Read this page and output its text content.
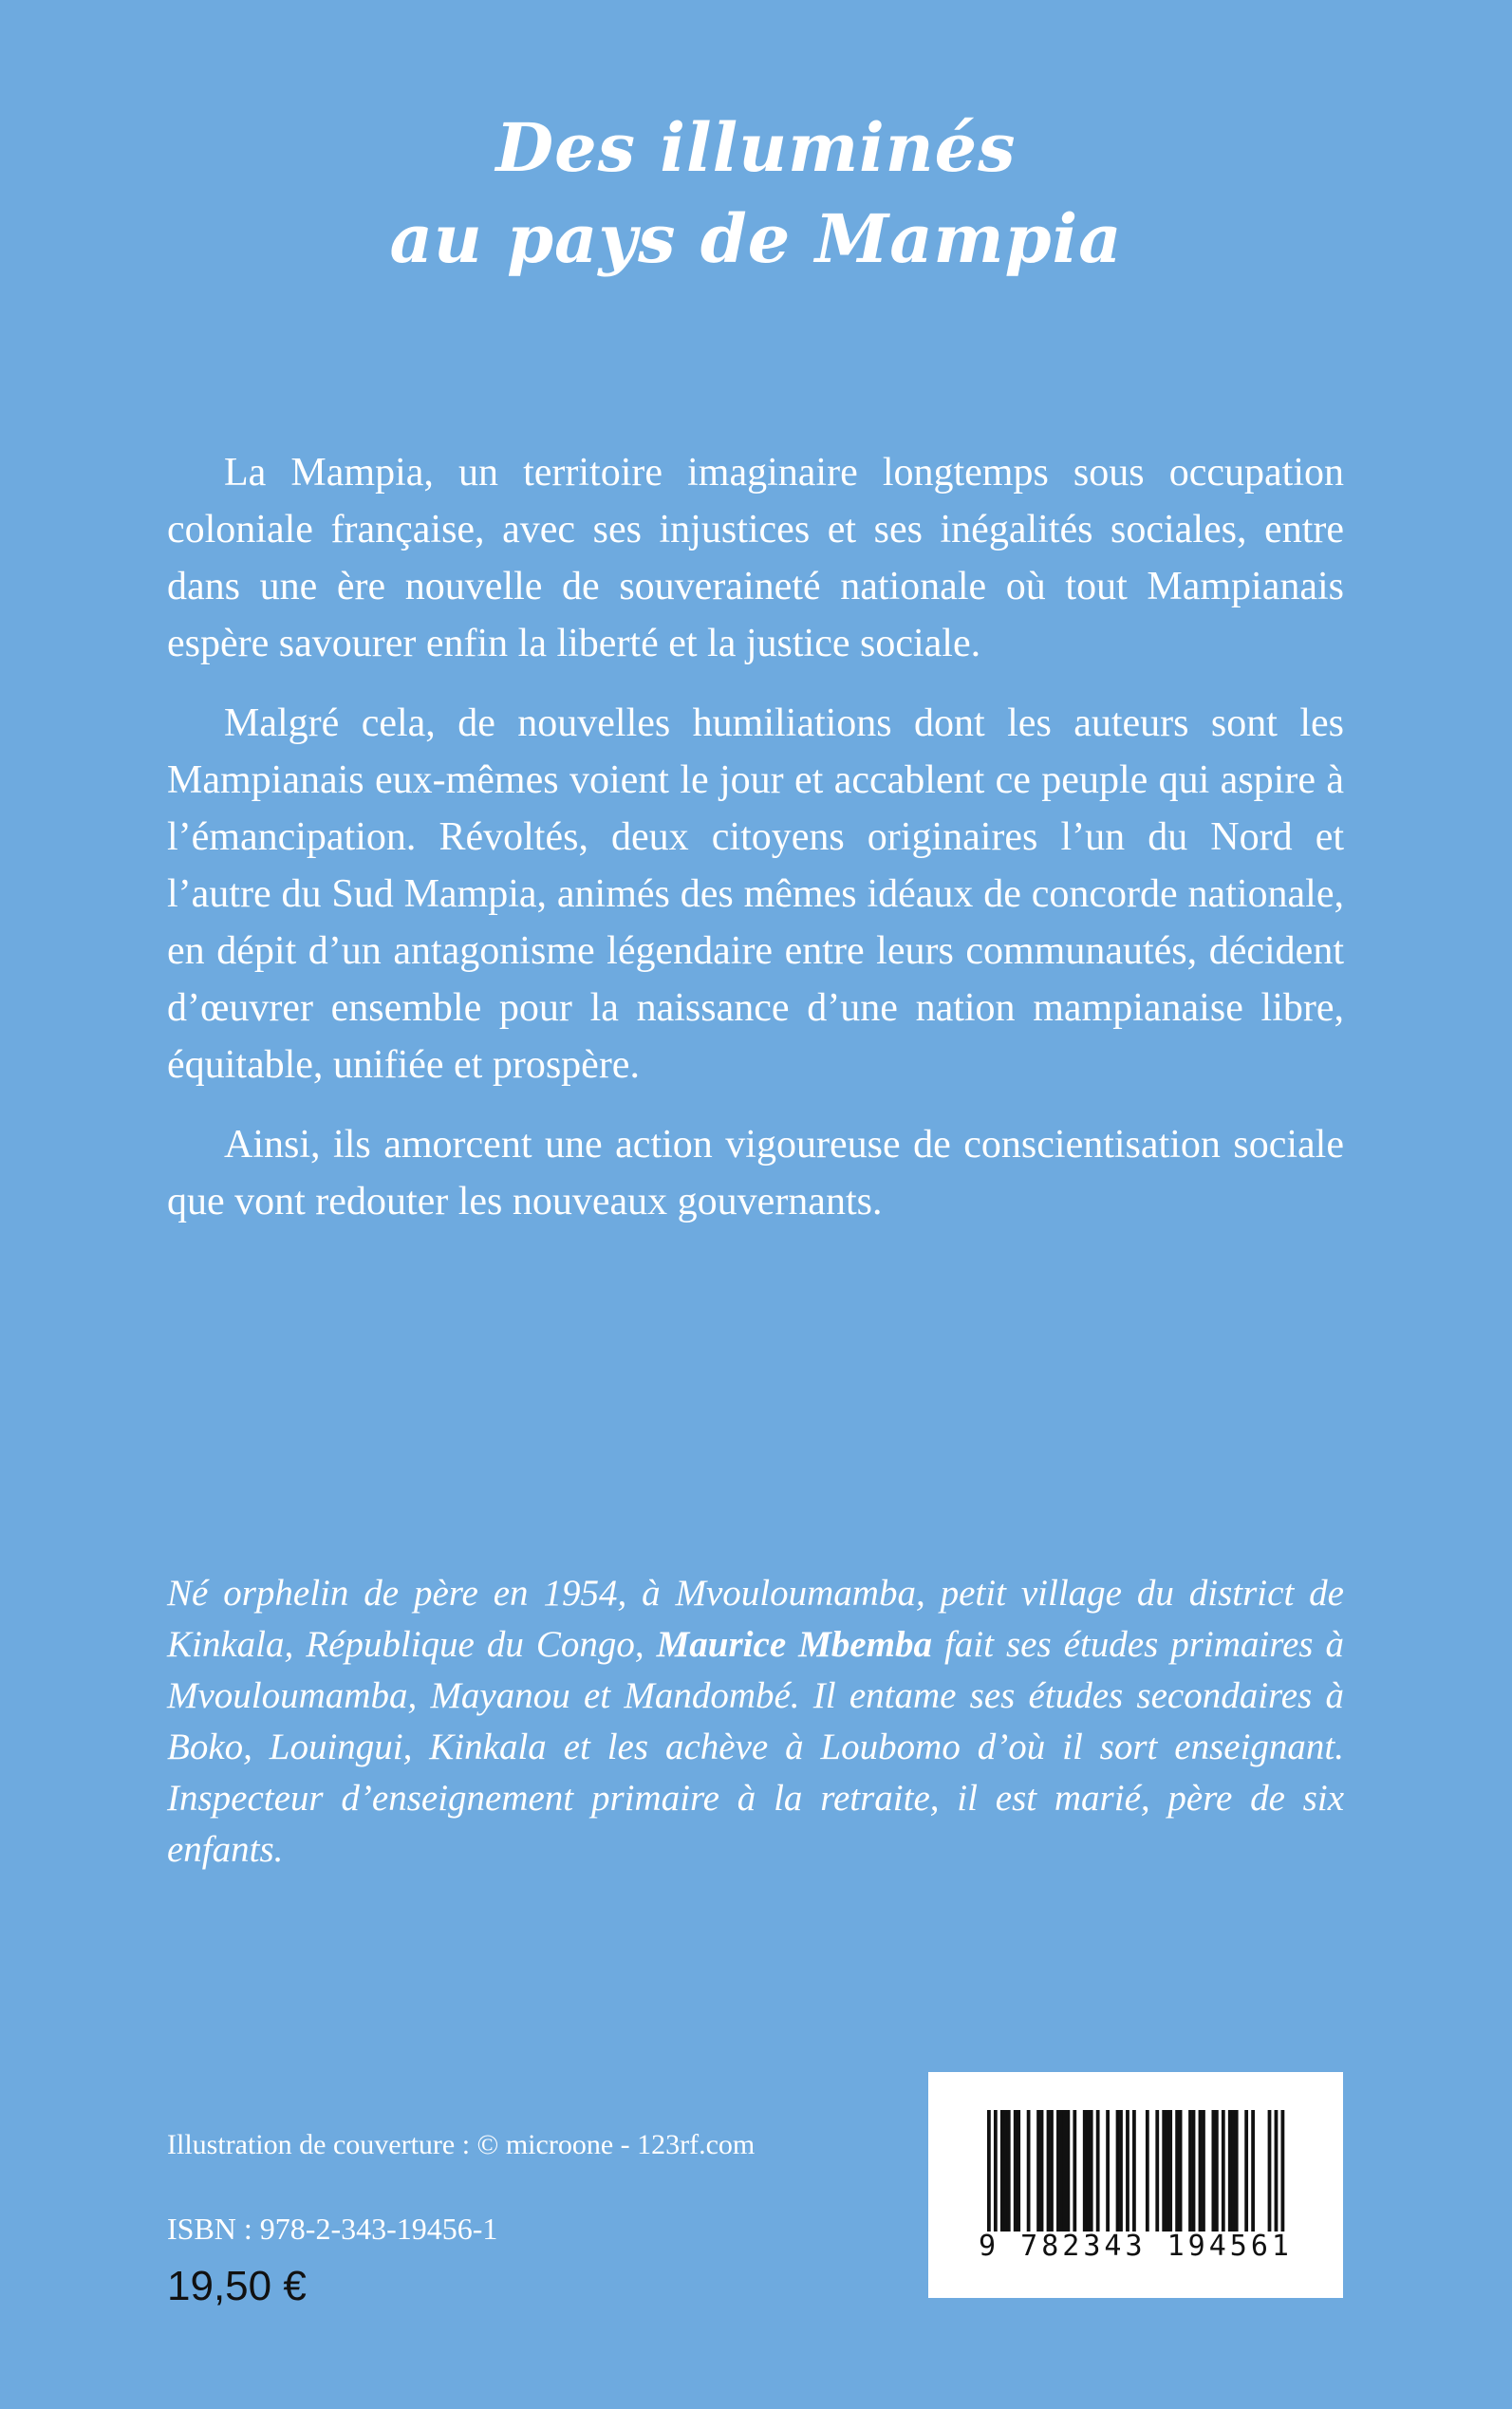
Des illuminés
au pays de Mampia

La Mampia, un territoire imaginaire longtemps sous occupation coloniale française, avec ses injustices et ses inégalités sociales, entre dans une ère nouvelle de souveraineté nationale où tout Mampianais espère savourer enfin la liberté et la justice sociale.

Malgré cela, de nouvelles humiliations dont les auteurs sont les Mampianais eux-mêmes voient le jour et accablent ce peuple qui aspire à l’émancipation. Révoltés, deux citoyens originaires l’un du Nord et l’autre du Sud Mampia, animés des mêmes idéaux de concorde nationale, en dépit d’un antagonisme légendaire entre leurs communautés, décident d’œuvrer ensemble pour la naissance d’une nation mampianaise libre, équitable, unifiée et prospère.

Ainsi, ils amorcent une action vigoureuse de conscientisation sociale que vont redouter les nouveaux gouvernants.

Né orphelin de père en 1954, à Mvouloumamba, petit village du district de Kinkala, République du Congo, Maurice Mbemba fait ses études primaires à Mvouloumamba, Mayanou et Mandombé. Il entame ses études secondaires à Boko, Louingui, Kinkala et les achève à Loubomo d’où il sort enseignant. Inspecteur d’enseignement primaire à la retraite, il est marié, père de six enfants.

Illustration de couverture : © microone - 123rf.com

ISBN : 978-2-343-19456-1

19,50 €

9 782343 194561
